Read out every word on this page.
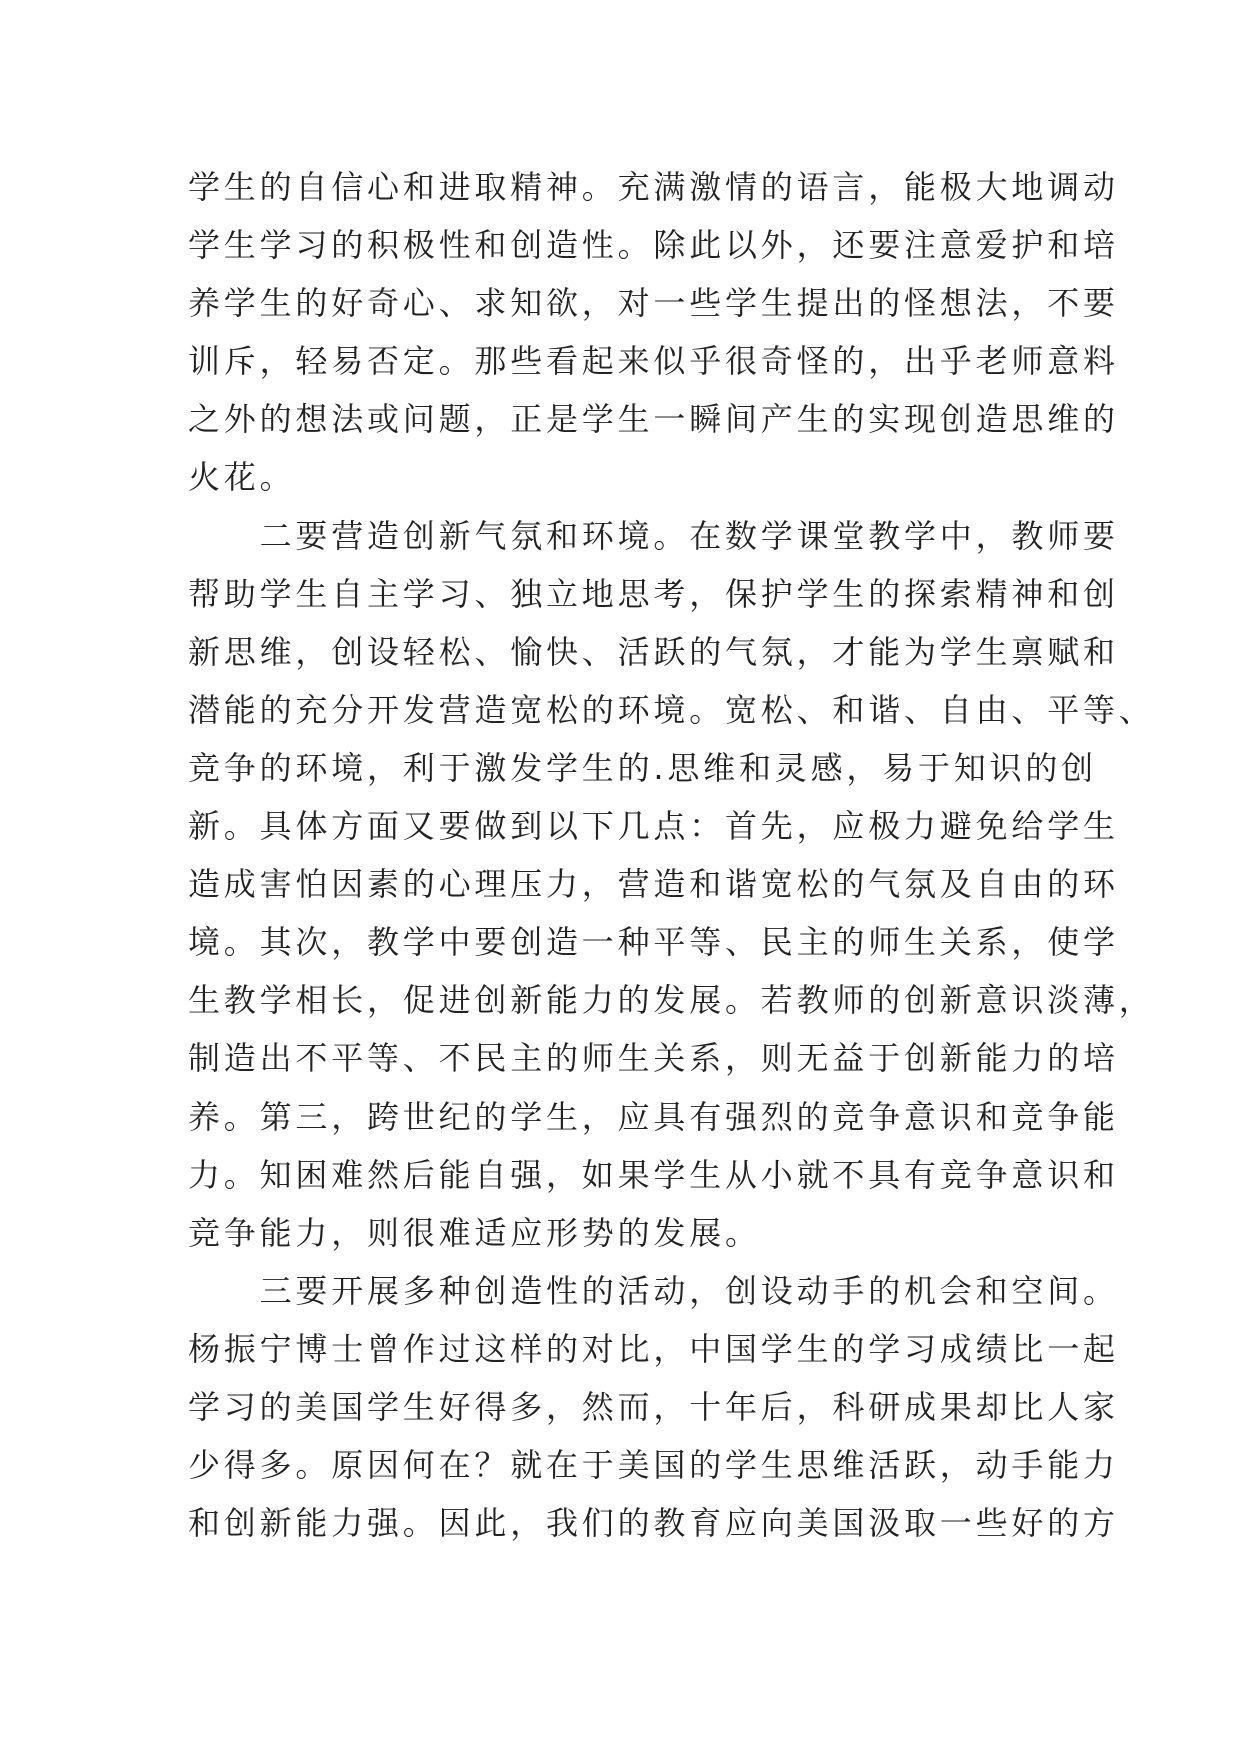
学生的自信心和进取精神。充满激情的语言，能极大地调动
学生学习的积极性和创造性。除此以外，还要注意爱护和培
养学生的好奇心、求知欲，对一些学生提出的怪想法，不要
训斥，轻易否定。那些看起来似乎很奇怪的，出乎老师意料
之外的想法或问题，正是学生一瞬间产生的实现创造思维的
火花。
　　二要营造创新气氛和环境。在数学课堂教学中，教师要
帮助学生自主学习、独立地思考，保护学生的探索精神和创
新思维，创设轻松、愉快、活跃的气氛，才能为学生禀赋和
潜能的充分开发营造宽松的环境。宽松、和谐、自由、平等、
竞争的环境，利于激发学生的.思维和灵感，易于知识的创
新。具体方面又要做到以下几点：首先，应极力避免给学生
造成害怕因素的心理压力，营造和谐宽松的气氛及自由的环
境。其次，教学中要创造一种平等、民主的师生关系，使学
生教学相长，促进创新能力的发展。若教师的创新意识淡薄，
制造出不平等、不民主的师生关系，则无益于创新能力的培
养。第三，跨世纪的学生，应具有强烈的竞争意识和竞争能
力。知困难然后能自强，如果学生从小就不具有竞争意识和
竞争能力，则很难适应形势的发展。
　　三要开展多种创造性的活动，创设动手的机会和空间。
杨振宁博士曾作过这样的对比，中国学生的学习成绩比一起
学习的美国学生好得多，然而，十年后，科研成果却比人家
少得多。原因何在？就在于美国的学生思维活跃，动手能力
和创新能力强。因此，我们的教育应向美国汲取一些好的方
